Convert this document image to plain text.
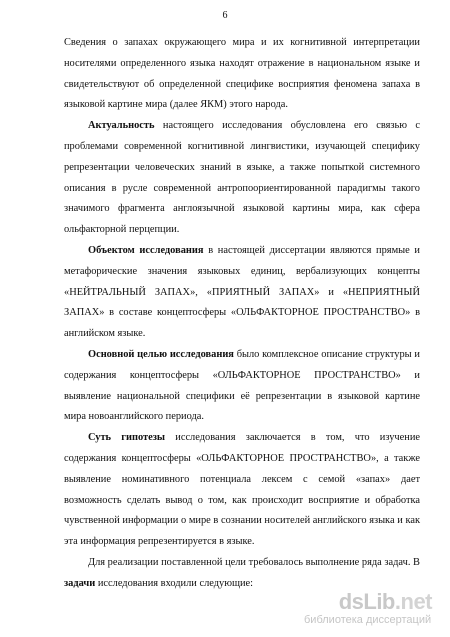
6

Сведения о запахах окружающего мира и их когнитивной интерпретации носителями определенного языка находят отражение в национальном языке и свидетельствуют об определенной специфике восприятия феномена запаха в языковой картине мира (далее ЯКМ) этого народа.

Актуальность настоящего исследования обусловлена его связью с проблемами современной когнитивной лингвистики, изучающей специфику репрезентации человеческих знаний в языке, а также попыткой системного описания в русле современной антропоориентированной парадигмы такого значимого фрагмента англоязычной языковой картины мира, как сфера ольфакторной перцепции.

Объектом исследования в настоящей диссертации являются прямые и метафорические значения языковых единиц, вербализующих концепты «НЕЙТРАЛЬНЫЙ ЗАПАХ», «ПРИЯТНЫЙ ЗАПАХ» и «НЕПРИЯТНЫЙ ЗАПАХ» в составе концептосферы «ОЛЬФАКТОРНОЕ ПРОСТРАНСТВО» в английском языке.

Основной целью исследования было комплексное описание структуры и содержания концептосферы «ОЛЬФАКТОРНОЕ ПРОСТРАНСТВО» и выявление национальной специфики её репрезентации в языковой картине мира новоанглийского периода.

Суть гипотезы исследования заключается в том, что изучение содержания концептосферы «ОЛЬФАКТОРНОЕ ПРОСТРАНСТВО», а также выявление номинативного потенциала лексем с семой «запах» дает возможность сделать вывод о том, как происходит восприятие и обработка чувственной информации о мире в сознании носителей английского языка и как эта информация репрезентируется в языке.

Для реализации поставленной цели требовалось выполнение ряда задач. В задачи исследования входили следующие:

dsLib.net
библиотека диссертаций
